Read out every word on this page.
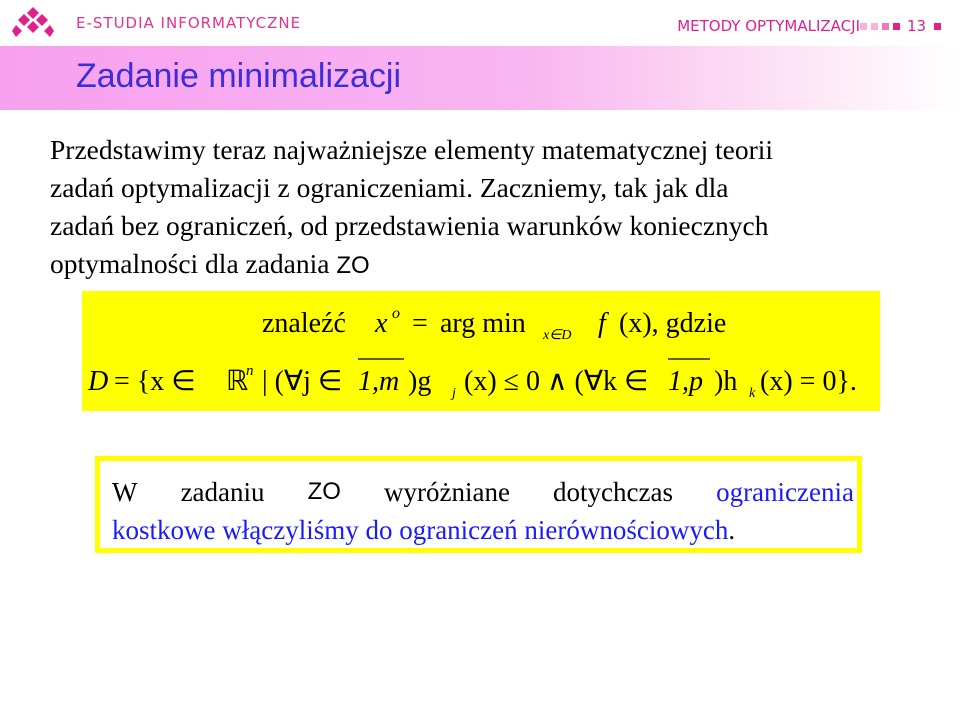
E-STUDIA INFORMATYCZNE	METODY OPTYMALIZACJI	13
Zadanie minimalizacji
Przedstawimy teraz najważniejsze elementy matematycznej teorii
zadań optymalizacji z ograniczeniami. Zaczniemy, tak jak dla
zadań bez ograniczeń, od przedstawienia warunków koniecznych
optymalności dla zadania ZO
znaleźć x o = arg min x∈D f (x), gdzie
D = {x ∈ ℝ
n | (∀j ∈ 1,m )g j (x) ≤ 0 ∧ (∀k ∈ 1,p )h k (x) = 0}.
W zadaniu ZO wyróżniane dotychczas ograniczenia
kostkowe włączyliśmy do ograniczeń nierównościowych.
